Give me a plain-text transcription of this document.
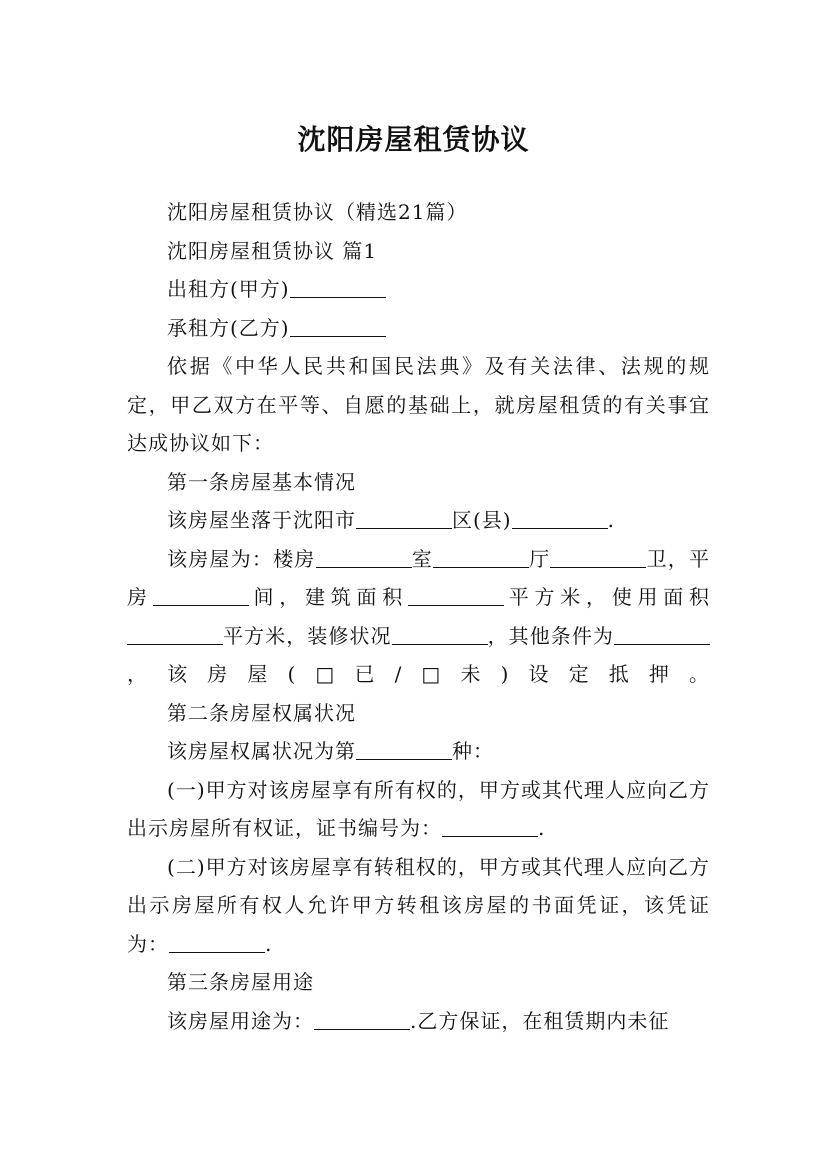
沈阳房屋租赁协议

沈阳房屋租赁协议（精选21篇）

沈阳房屋租赁协议 篇1

出租方(甲方)

承租方(乙方)

依据《中华人民共和国民法典》及有关法律、法规的规定，甲乙双方在平等、自愿的基础上，就房屋租赁的有关事宜达成协议如下：

第一条房屋基本情况

该房屋坐落于沈阳市	区(县)	.

该房屋为：楼房	室	厅	卫，平房	间，建筑面积	平方米，使用面积平方米，装修状况	，其他条件为，该房屋(□已/□未)设定抵押。

第二条房屋权属状况

该房屋权属状况为第	种：

(一)甲方对该房屋享有所有权的，甲方或其代理人应向乙方出示房屋所有权证，证书编号为：	.

(二)甲方对该房屋享有转租权的，甲方或其代理人应向乙方出示房屋所有权人允许甲方转租该房屋的书面凭证，该凭证为：	.

第三条房屋用途

该房屋用途为：	.乙方保证，在租赁期内未征
